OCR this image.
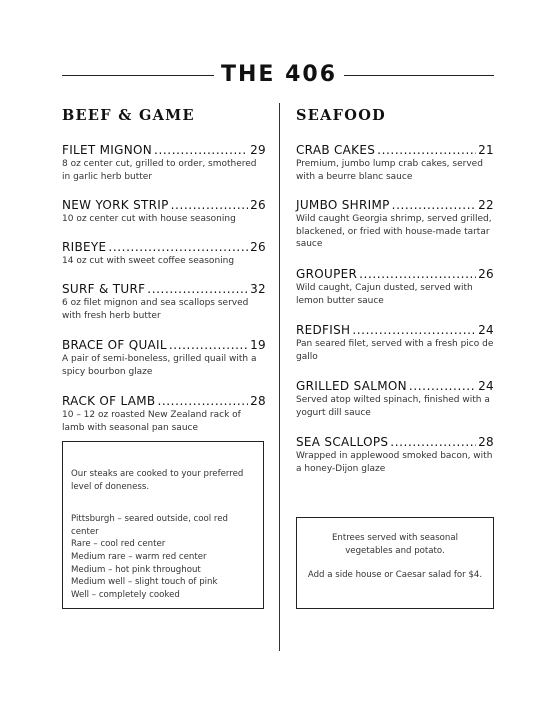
THE 406
BEEF & GAME
FILET MIGNON .....	29

8 oz center cut, grilled to order, smothered in garlic herb butter

NEW YORK STRIP .....	26

10 oz center cut with house seasoning

RIBEYE .....	26

14 oz cut with sweet coffee seasoning

SURF & TURF .....	32

6 oz filet mignon and sea scallops served with fresh herb butter

BRACE OF QUAIL .....	19

A pair of semi-boneless, grilled quail with a spicy bourbon glaze

RACK OF LAMB .....	28

10 – 12 oz roasted New Zealand rack of lamb with seasonal pan sauce

SEAFOOD
CRAB CAKES .....	21

Premium, jumbo lump crab cakes, served with a beurre blanc sauce

JUMBO SHRIMP .....	22

Wild caught Georgia shrimp, served grilled, blackened, or fried with house-made tartar sauce

GROUPER .....	26

Wild caught, Cajun dusted, served with lemon butter sauce

REDFISH .....	24

Pan seared filet, served with a fresh pico de gallo

GRILLED SALMON .....	24

Served atop wilted spinach, finished with a yogurt dill sauce

SEA SCALLOPS .....	28

Wrapped in applewood smoked bacon, with a honey-Dijon glaze

Our steaks are cooked to your preferred level of doneness.

Pittsburgh – seared outside, cool red center

Rare – cool red center

Medium rare – warm red center

Medium – hot pink throughout

Medium well – slight touch of pink

Well – completely cooked

Entrees served with seasonal vegetables and potato.

Add a side house or Caesar salad for $4.
